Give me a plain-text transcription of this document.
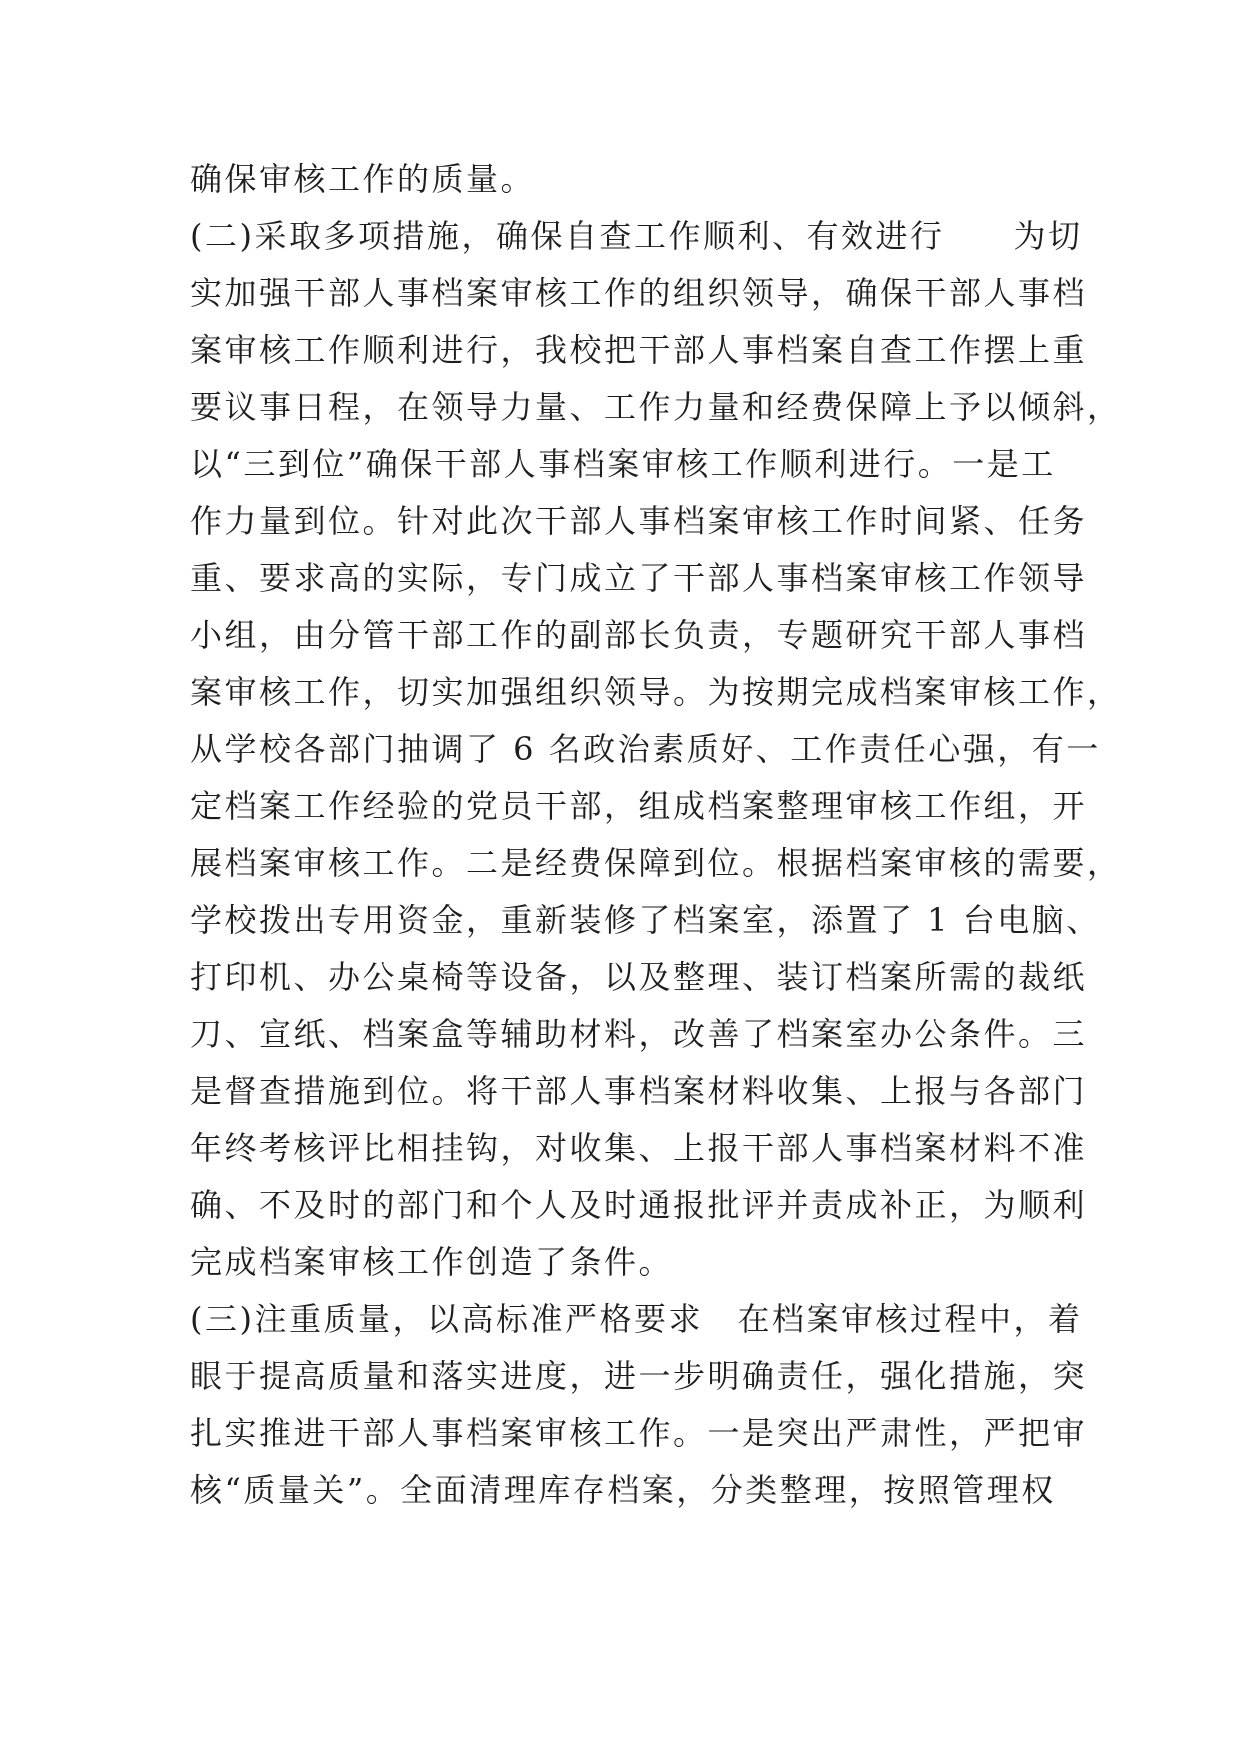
确保审核工作的质量。
(二)采取多项措施，确保自查工作顺利、有效进行　　为切
实加强干部人事档案审核工作的组织领导，确保干部人事档
案审核工作顺利进行，我校把干部人事档案自查工作摆上重
要议事日程，在领导力量、工作力量和经费保障上予以倾斜，
以“三到位”确保干部人事档案审核工作顺利进行。一是工
作力量到位。针对此次干部人事档案审核工作时间紧、任务
重、要求高的实际，专门成立了干部人事档案审核工作领导
小组，由分管干部工作的副部长负责，专题研究干部人事档
案审核工作，切实加强组织领导。为按期完成档案审核工作，
从学校各部门抽调了 6 名政治素质好、工作责任心强，有一
定档案工作经验的党员干部，组成档案整理审核工作组，开
展档案审核工作。二是经费保障到位。根据档案审核的需要，
学校拨出专用资金，重新装修了档案室，添置了 1 台电脑、
打印机、办公桌椅等设备，以及整理、装订档案所需的裁纸
刀、宣纸、档案盒等辅助材料，改善了档案室办公条件。三
是督查措施到位。将干部人事档案材料收集、上报与各部门
年终考核评比相挂钩，对收集、上报干部人事档案材料不准
确、不及时的部门和个人及时通报批评并责成补正，为顺利
完成档案审核工作创造了条件。
(三)注重质量，以高标准严格要求　在档案审核过程中，着
眼于提高质量和落实进度，进一步明确责任，强化措施，突
扎实推进干部人事档案审核工作。一是突出严肃性，严把审
核“质量关”。全面清理库存档案，分类整理，按照管理权
